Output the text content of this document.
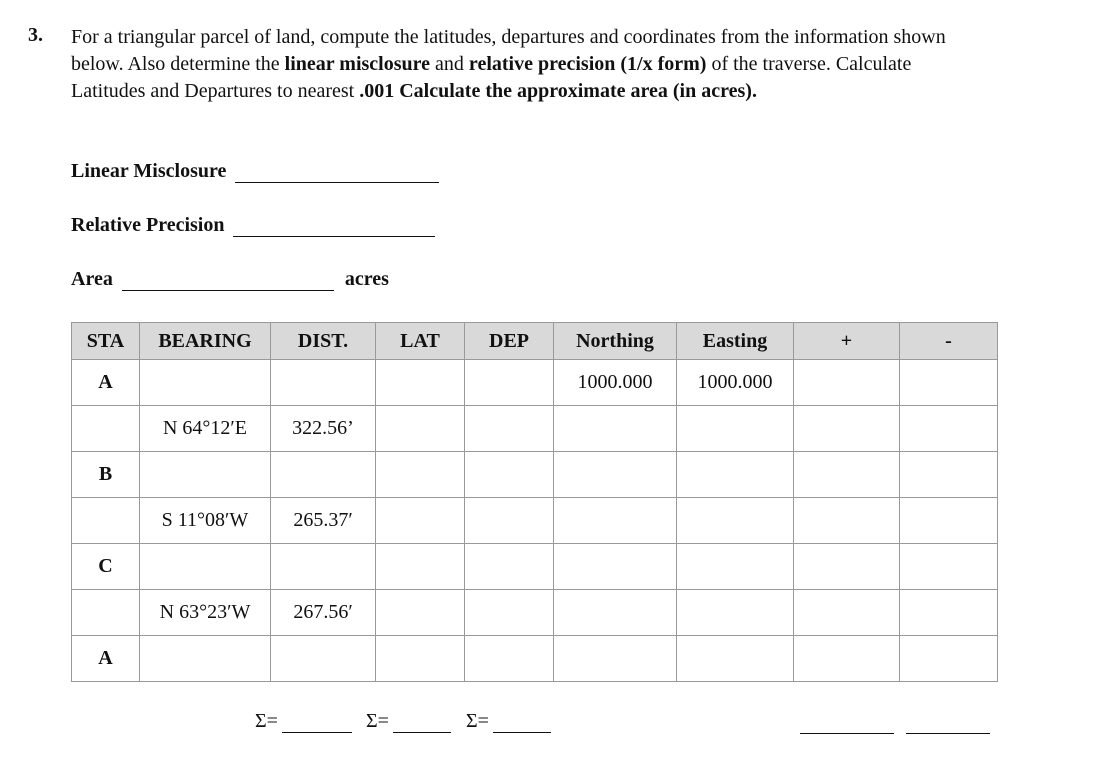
3. For a triangular parcel of land, compute the latitudes, departures and coordinates from the information shown below. Also determine the linear misclosure and relative precision (1/x form) of the traverse. Calculate Latitudes and Departures to nearest .001 Calculate the approximate area (in acres).
Linear Misclosure
Relative Precision
Area	acres
STA	BEARING	DIST.	LAT	DEP	Northing	Easting	+	-
A					1000.000	1000.000		
	N 64°12′E	322.56’						
B								
	S 11°08′W	265.37′						
C								
	N 63°23′W	267.56′						
A								
Σ=	Σ=	Σ=
